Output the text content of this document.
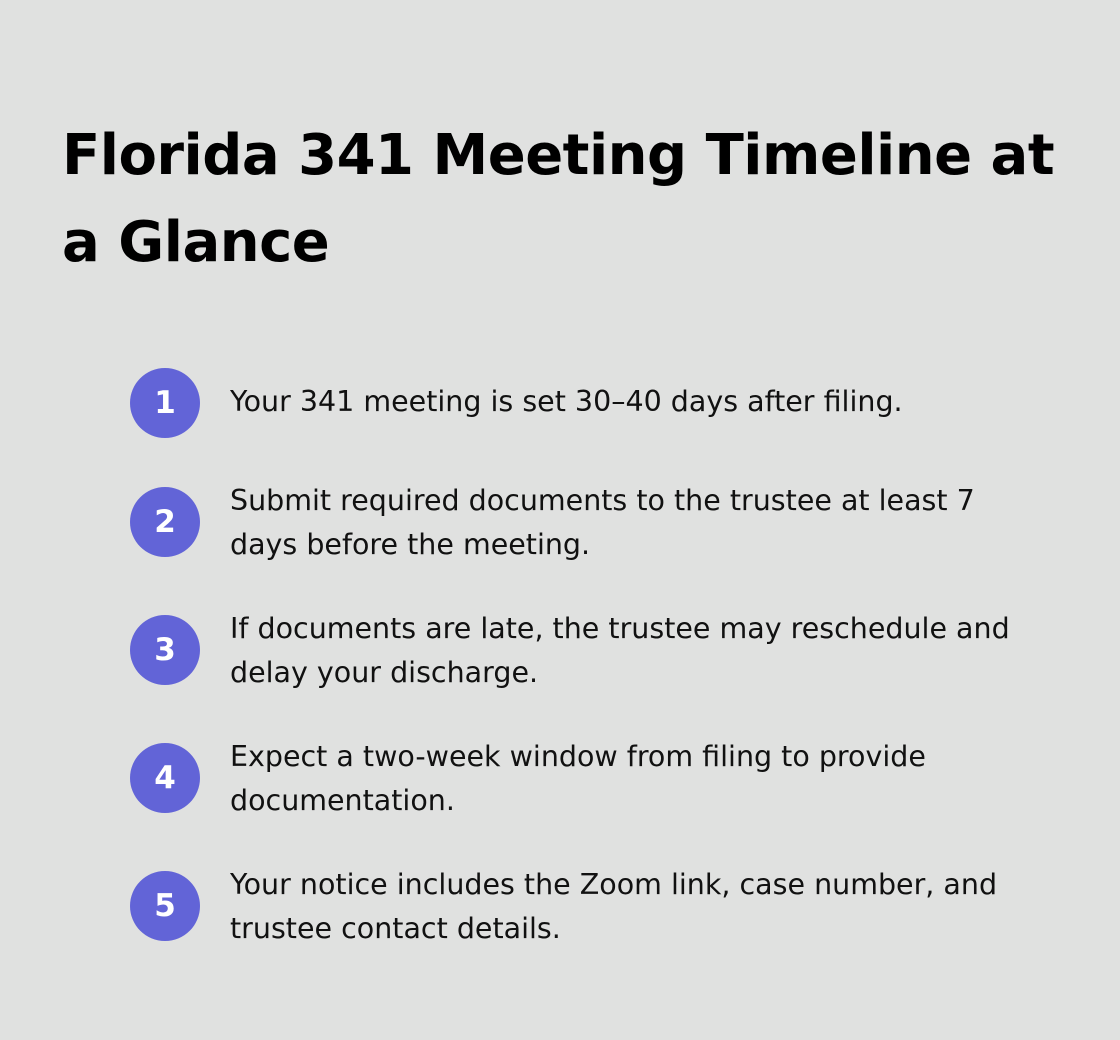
Florida 341 Meeting Timeline at a Glance
1	Your 341 meeting is set 30–40 days after filing.

2

Submit required documents to the trustee at least 7 days before the meeting.

3

If documents are late, the trustee may reschedule and delay your discharge.

4

Expect a two-week window from filing to provide documentation.

5

Your notice includes the Zoom link, case number, and trustee contact details.
